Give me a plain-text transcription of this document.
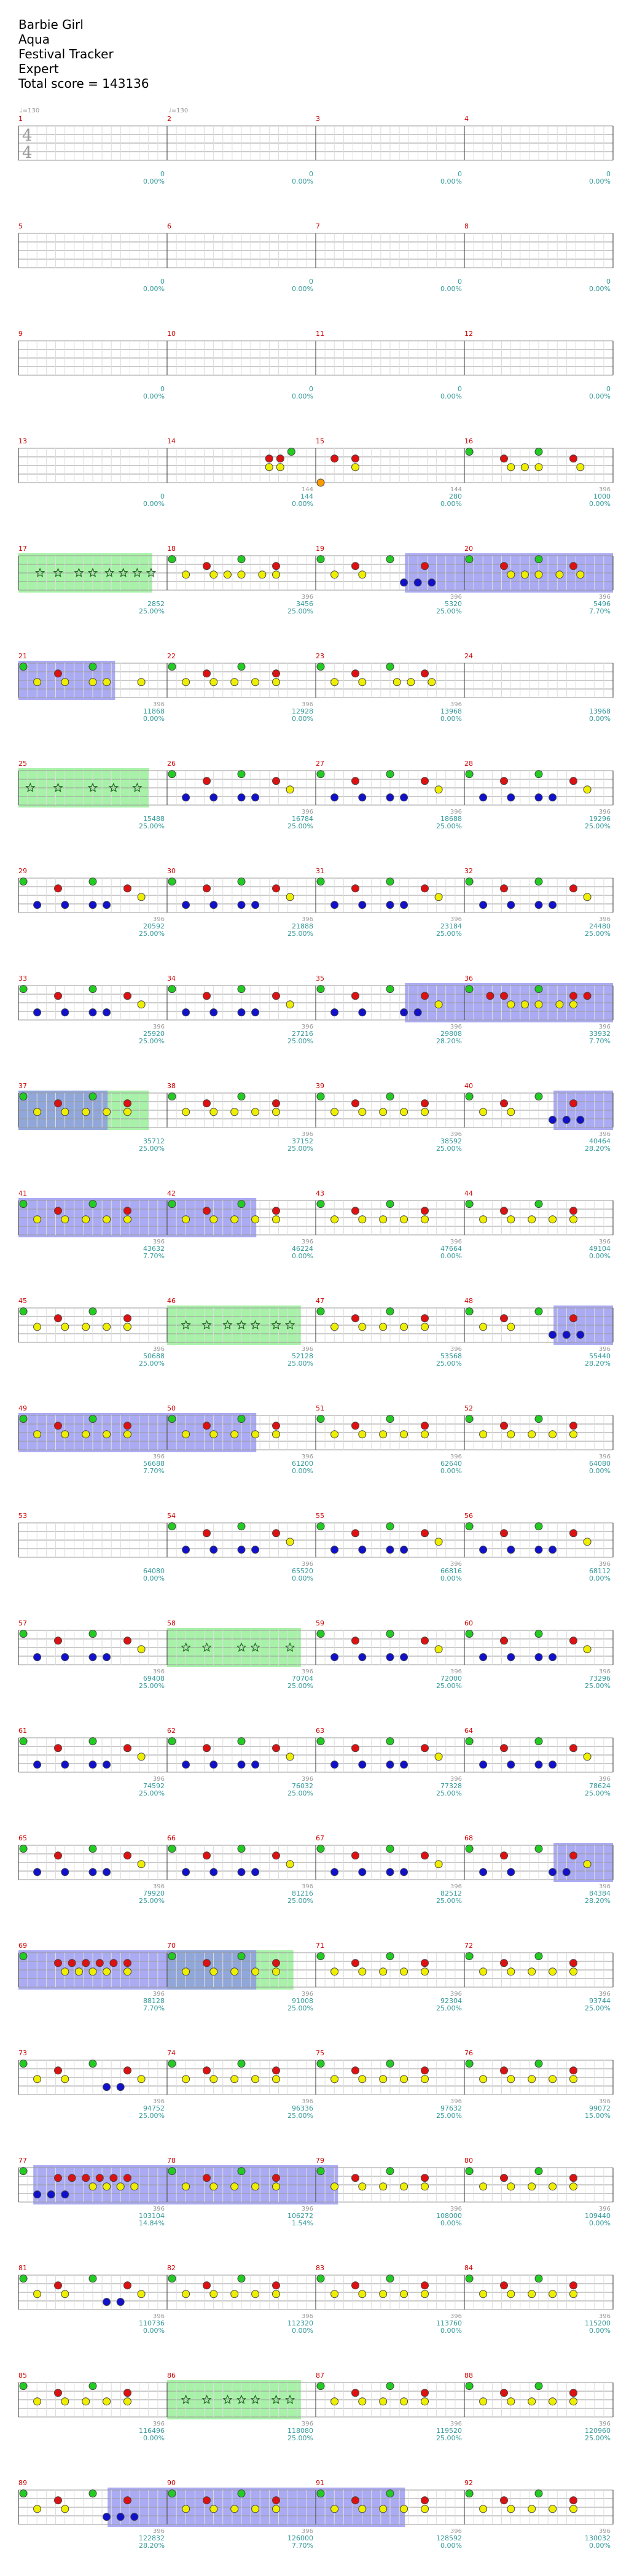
Barbie Girl
Aqua
Festival Tracker
Expert
Total score = 143136
1
0
0.00%
2
0
0.00%
3
0
0.00%
4
0
0.00%
5
0
0.00%
6
0
0.00%
7
0
0.00%
8
0
0.00%
9
0
0.00%
10
0
0.00%
11
0
0.00%
12
0
0.00%
13
0
0.00%
14
144
144
0.00%
15
144
280
0.00%
16
396
1000
0.00%
17
2852
25.00%
18
396
3456
25.00%
19
396
5320
25.00%
20
396
5496
7.70%
21
396
11868
0.00%
22
396
12928
0.00%
23
396
13968
0.00%
24
13968
0.00%
25
15488
25.00%
26
396
16784
25.00%
27
396
18688
25.00%
28
396
19296
25.00%
29
396
20592
25.00%
30
396
21888
25.00%
31
396
23184
25.00%
32
396
24480
25.00%
33
396
25920
25.00%
34
396
27216
25.00%
35
396
29808
28.20%
36
396
33932
7.70%
37
35712
25.00%
38
396
37152
25.00%
39
396
38592
25.00%
40
396
40464
28.20%
41
396
43632
7.70%
42
396
46224
0.00%
43
396
47664
0.00%
44
396
49104
0.00%
45
396
50688
25.00%
46
396
52128
25.00%
47
396
53568
25.00%
48
396
55440
28.20%
49
396
56688
7.70%
50
396
61200
0.00%
51
396
62640
0.00%
52
396
64080
0.00%
53
64080
0.00%
54
396
65520
0.00%
55
396
66816
0.00%
56
396
68112
0.00%
57
396
69408
25.00%
58
396
70704
25.00%
59
396
72000
25.00%
60
396
73296
25.00%
61
396
74592
25.00%
62
396
76032
25.00%
63
396
77328
25.00%
64
396
78624
25.00%
65
396
79920
25.00%
66
396
81216
25.00%
67
396
82512
25.00%
68
396
84384
28.20%
69
396
88128
7.70%
70
396
91008
25.00%
71
396
92304
25.00%
72
396
93744
25.00%
73
396
94752
25.00%
74
396
96336
25.00%
75
396
97632
25.00%
76
396
99072
15.00%
77
396
103104
14.84%
78
396
106272
1.54%
79
396
108000
0.00%
80
396
109440
0.00%
81
396
110736
0.00%
82
396
112320
0.00%
83
396
113760
0.00%
84
396
115200
0.00%
85
396
116496
0.00%
86
396
118080
25.00%
87
396
119520
25.00%
88
396
120960
25.00%
89
396
122832
28.20%
90
396
126000
7.70%
91
396
128592
0.00%
92
396
130032
0.00%
4
4
♩=130	♩=130
